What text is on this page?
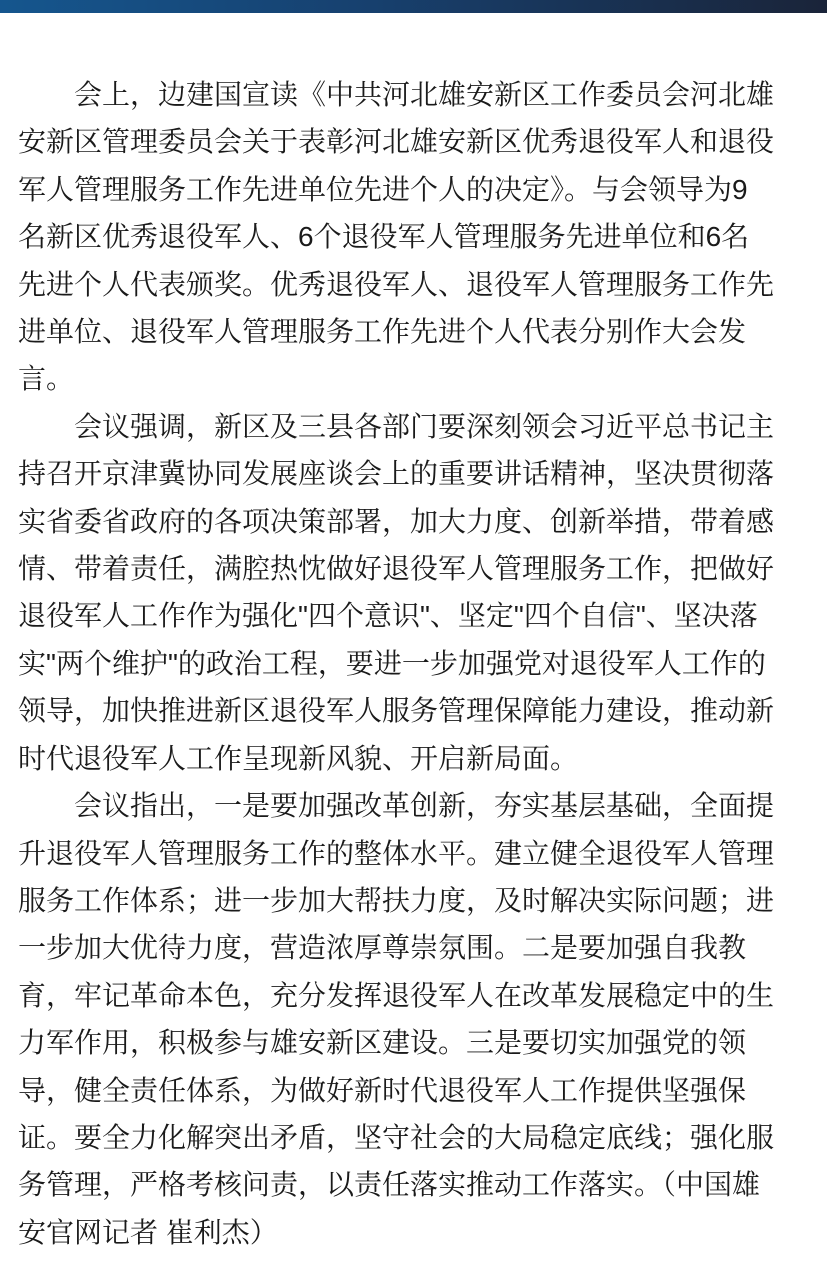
会上，边建国宣读《中共河北雄安新区工作委员会河北雄安新区管理委员会关于表彰河北雄安新区优秀退役军人和退役军人管理服务工作先进单位先进个人的决定》。与会领导为9名新区优秀退役军人、6个退役军人管理服务先进单位和6名先进个人代表颁奖。优秀退役军人、退役军人管理服务工作先进单位、退役军人管理服务工作先进个人代表分别作大会发言。

会议强调，新区及三县各部门要深刻领会习近平总书记主持召开京津冀协同发展座谈会上的重要讲话精神，坚决贯彻落实省委省政府的各项决策部署，加大力度、创新举措，带着感情、带着责任，满腔热忱做好退役军人管理服务工作，把做好退役军人工作作为强化"四个意识"、坚定"四个自信"、坚决落实"两个维护"的政治工程，要进一步加强党对退役军人工作的领导，加快推进新区退役军人服务管理保障能力建设，推动新时代退役军人工作呈现新风貌、开启新局面。

会议指出，一是要加强改革创新，夯实基层基础，全面提升退役军人管理服务工作的整体水平。建立健全退役军人管理服务工作体系；进一步加大帮扶力度，及时解决实际问题；进一步加大优待力度，营造浓厚尊崇氛围。二是要加强自我教育，牢记革命本色，充分发挥退役军人在改革发展稳定中的生力军作用，积极参与雄安新区建设。三是要切实加强党的领导，健全责任体系，为做好新时代退役军人工作提供坚强保证。要全力化解突出矛盾，坚守社会的大局稳定底线；强化服务管理，严格考核问责，以责任落实推动工作落实。（中国雄安官网记者 崔利杰）
